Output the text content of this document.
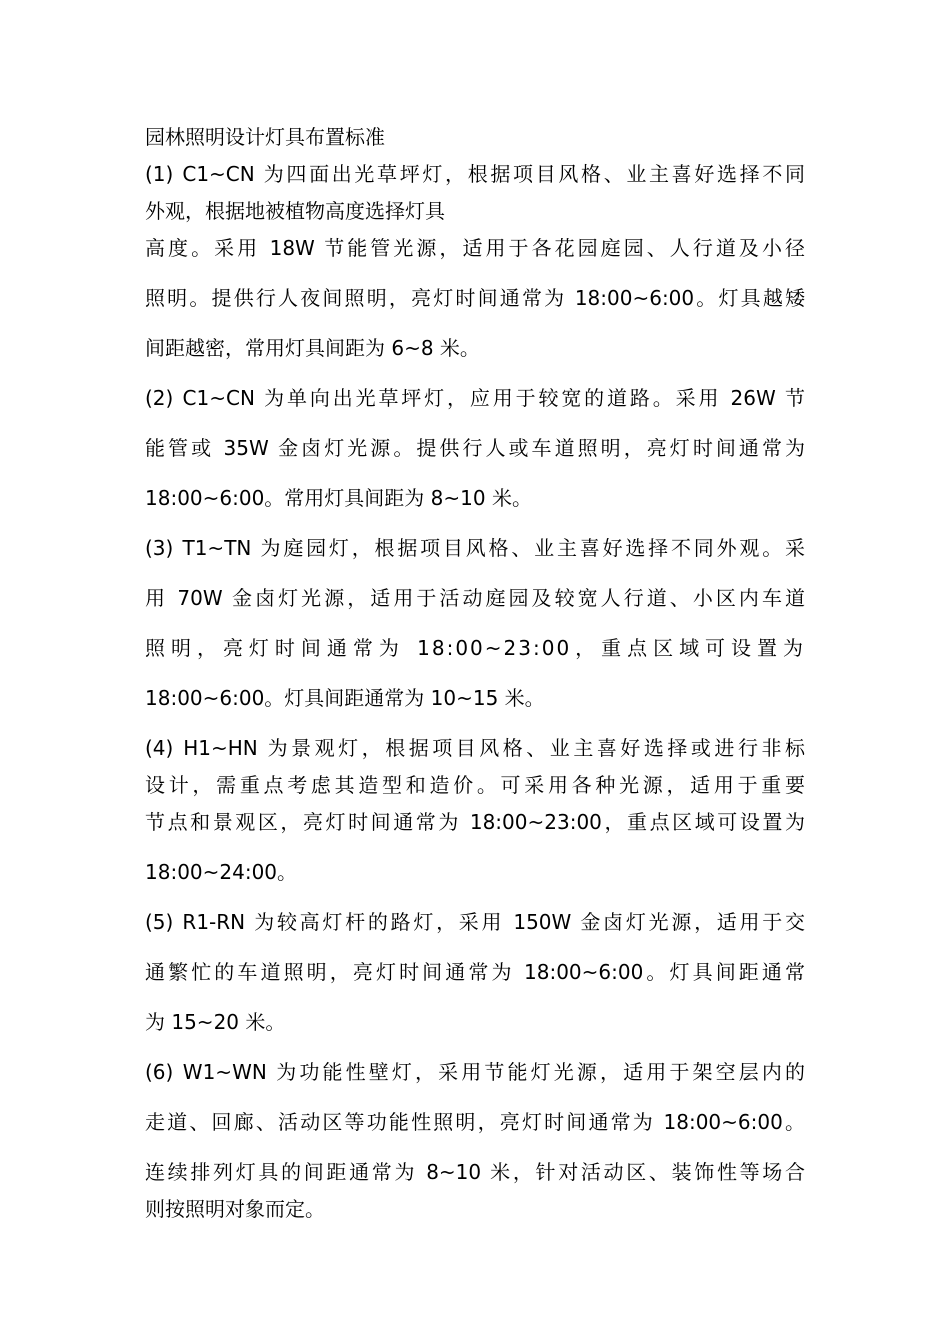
园林照明设计灯具布置标准

(1) C1~CN 为四面出光草坪灯，根据项目风格、业主喜好选择不同

外观，根据地被植物高度选择灯具

高度。采用 18W 节能管光源，适用于各花园庭园、人行道及小径

照明。提供行人夜间照明，亮灯时间通常为 18:00~6:00。灯具越矮

间距越密，常用灯具间距为 6~8 米。

(2) C1~CN 为单向出光草坪灯，应用于较宽的道路。采用 26W 节

能管或 35W 金卤灯光源。提供行人或车道照明，亮灯时间通常为

18:00~6:00。常用灯具间距为 8~10 米。

(3) T1~TN 为庭园灯，根据项目风格、业主喜好选择不同外观。采

用 70W 金卤灯光源，适用于活动庭园及较宽人行道、小区内车道

照明，亮灯时间通常为 18:00~23:00，重点区域可设置为

18:00~6:00。灯具间距通常为 10~15 米。

(4) H1~HN 为景观灯，根据项目风格、业主喜好选择或进行非标

设计，需重点考虑其造型和造价。可采用各种光源，适用于重要

节点和景观区，亮灯时间通常为 18:00~23:00，重点区域可设置为

18:00~24:00。

(5) R1-RN 为较高灯杆的路灯，采用 150W 金卤灯光源，适用于交

通繁忙的车道照明，亮灯时间通常为 18:00~6:00。灯具间距通常

为 15~20 米。

(6) W1~WN 为功能性壁灯，采用节能灯光源，适用于架空层内的

走道、回廊、活动区等功能性照明，亮灯时间通常为 18:00~6:00。

连续排列灯具的间距通常为 8~10 米，针对活动区、装饰性等场合

则按照明对象而定。
